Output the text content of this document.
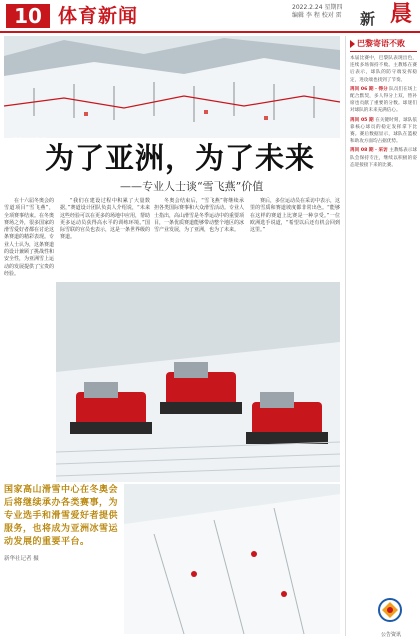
10 体育新闻	2022.2.24 星期四
编辑 李 程 校对 雷 新 晨
新华社记者 摄
为了亚洲，为了未来
——专业人士谈“雪飞燕”价值

在十六届冬奥会的雪道项目“雪飞燕”，全项赛事结束。在冬奥赛场之外，很多国家的滑雪爱好者都在讨论这条赛道的精彩表现。专业人士认为，这条赛道的设计兼顾了挑战性和安全性，为亚洲雪上运动的发展提供了宝贵的经验。

“我们在建设过程中积累了大量数据，”赛道设计团队负责人介绍说，“未来这些经验可以在更多的场地中应用，帮助更多运动员获得高水平的训练环境。”国际雪联的官员也表示，这是一条世界级的赛道。

冬奥会结束后，“雪飞燕”将继续承担各类国际赛事和大众滑雪活动。专业人士指出，高山滑雪是冬季运动中的重要项目，一条优质赛道能够带动整个地区的冰雪产业发展，为了亚洲，也为了未来。

赛后，多位运动员在采访中表示，这里的雪质和赛道坡度都非常出色。“能够在这样的赛道上比赛是一种享受。”一位欧洲选手说道，“希望以后还有机会回到这里。”

国家高山滑雪中心在冬奥会后将继续承办各类赛事，为专业选手和滑雪爱好者提供服务，也将成为亚洲冰雪运动发展的重要平台。
新华社记者 摄
巴黎寄语不败

本届比赛中，巴黎队表现出色，连续多场保持不败。主教练在赛后表示，球队的防守端发挥稳定，进攻端也找到了节奏。

再问 06 期 · 得分 队员们在场上配合默契，多人得分上双，替补席也贡献了重要的分数。球迷们对球队的未来充满信心。

再问 05 期 在关键时刻，球队依靠核心球员的稳定发挥拿下比赛。赛后数据显示，球队在篮板和助攻方面均占据优势。

再问 08 期 · 采访 主教练表示球队会保持专注，继续以积极的姿态迎接接下来的比赛。

公告资讯
